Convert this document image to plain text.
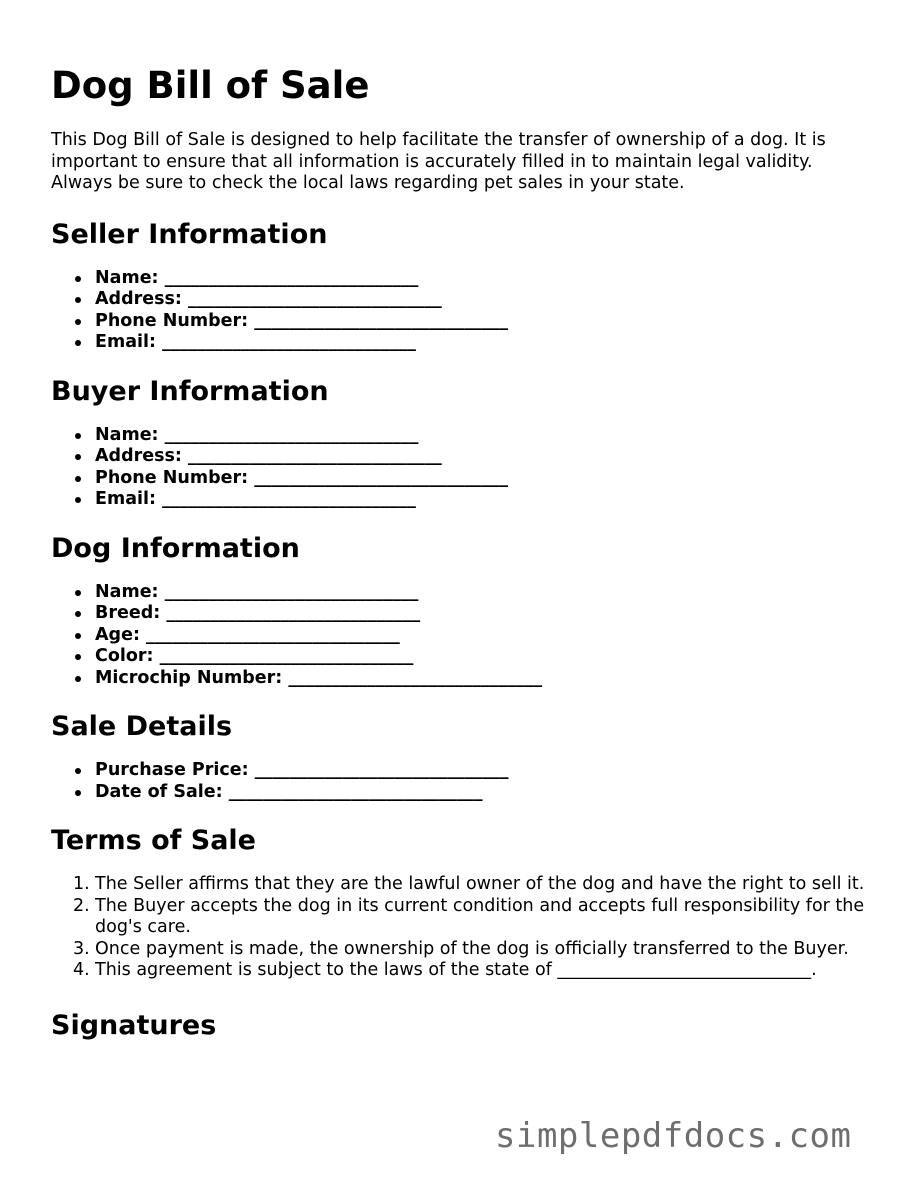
Dog Bill of Sale

This Dog Bill of Sale is designed to help facilitate the transfer of ownership of a dog. It is important to ensure that all information is accurately filled in to maintain legal validity. Always be sure to check the local laws regarding pet sales in your state.

Seller Information
Name: _____________________________
Address: _____________________________
Phone Number: _____________________________
Email: _____________________________
Buyer Information
Name: _____________________________
Address: _____________________________
Phone Number: _____________________________
Email: _____________________________
Dog Information
Name: _____________________________
Breed: _____________________________
Age: _____________________________
Color: _____________________________
Microchip Number: _____________________________
Sale Details
Purchase Price: _____________________________
Date of Sale: _____________________________
Terms of Sale
1. The Seller affirms that they are the lawful owner of the dog and have the right to sell it.
2. The Buyer accepts the dog in its current condition and accepts full responsibility for the dog's care.
3. Once payment is made, the ownership of the dog is officially transferred to the Buyer.
4. This agreement is subject to the laws of the state of _____________________________.
Signatures
simplepdfdocs.com
